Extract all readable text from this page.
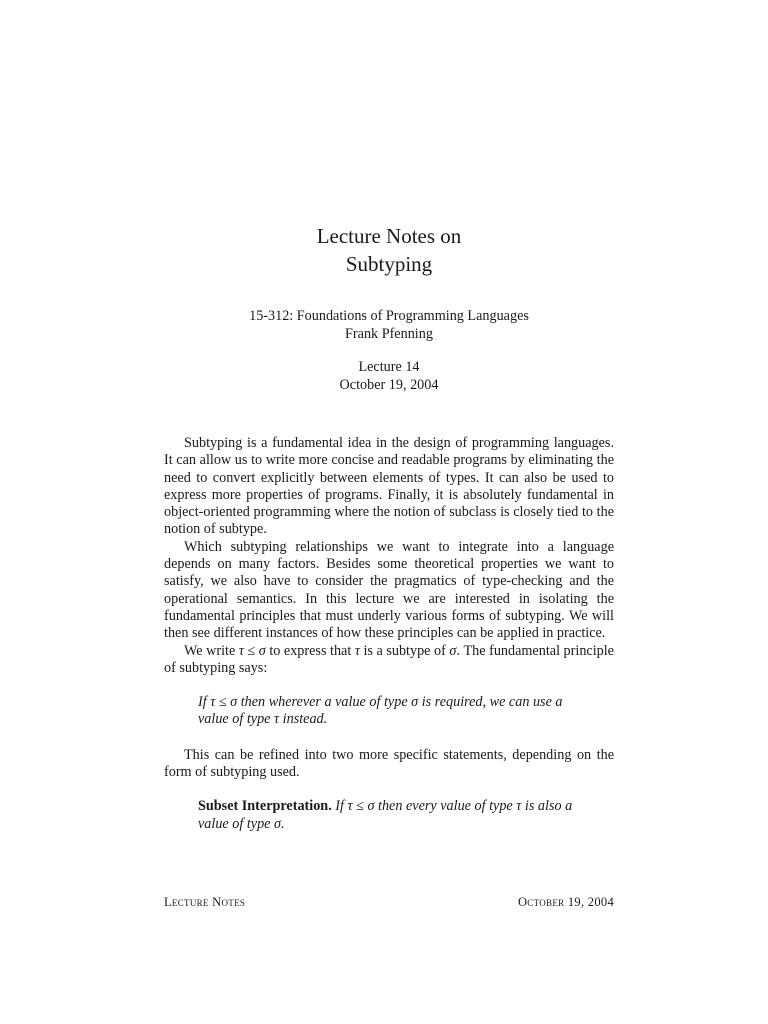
Lecture Notes on
Subtyping
15-312: Foundations of Programming Languages
Frank Pfenning
Lecture 14
October 19, 2004

Subtyping is a fundamental idea in the design of programming languages. It can allow us to write more concise and readable programs by eliminating the need to convert explicitly between elements of types. It can also be used to express more properties of programs. Finally, it is absolutely fundamental in object-oriented programming where the notion of subclass is closely tied to the notion of subtype.

Which subtyping relationships we want to integrate into a language depends on many factors. Besides some theoretical properties we want to satisfy, we also have to consider the pragmatics of type-checking and the operational semantics. In this lecture we are interested in isolating the fundamental principles that must underly various forms of subtyping. We will then see different instances of how these principles can be applied in practice.

We write τ ≤ σ to express that τ is a subtype of σ. The fundamental principle of subtyping says:

If τ ≤ σ then wherever a value of type σ is required, we can use a value of type τ instead.

This can be refined into two more specific statements, depending on the form of subtyping used.

Subset Interpretation. If τ ≤ σ then every value of type τ is also a value of type σ.

Lecture Notes	October 19, 2004
